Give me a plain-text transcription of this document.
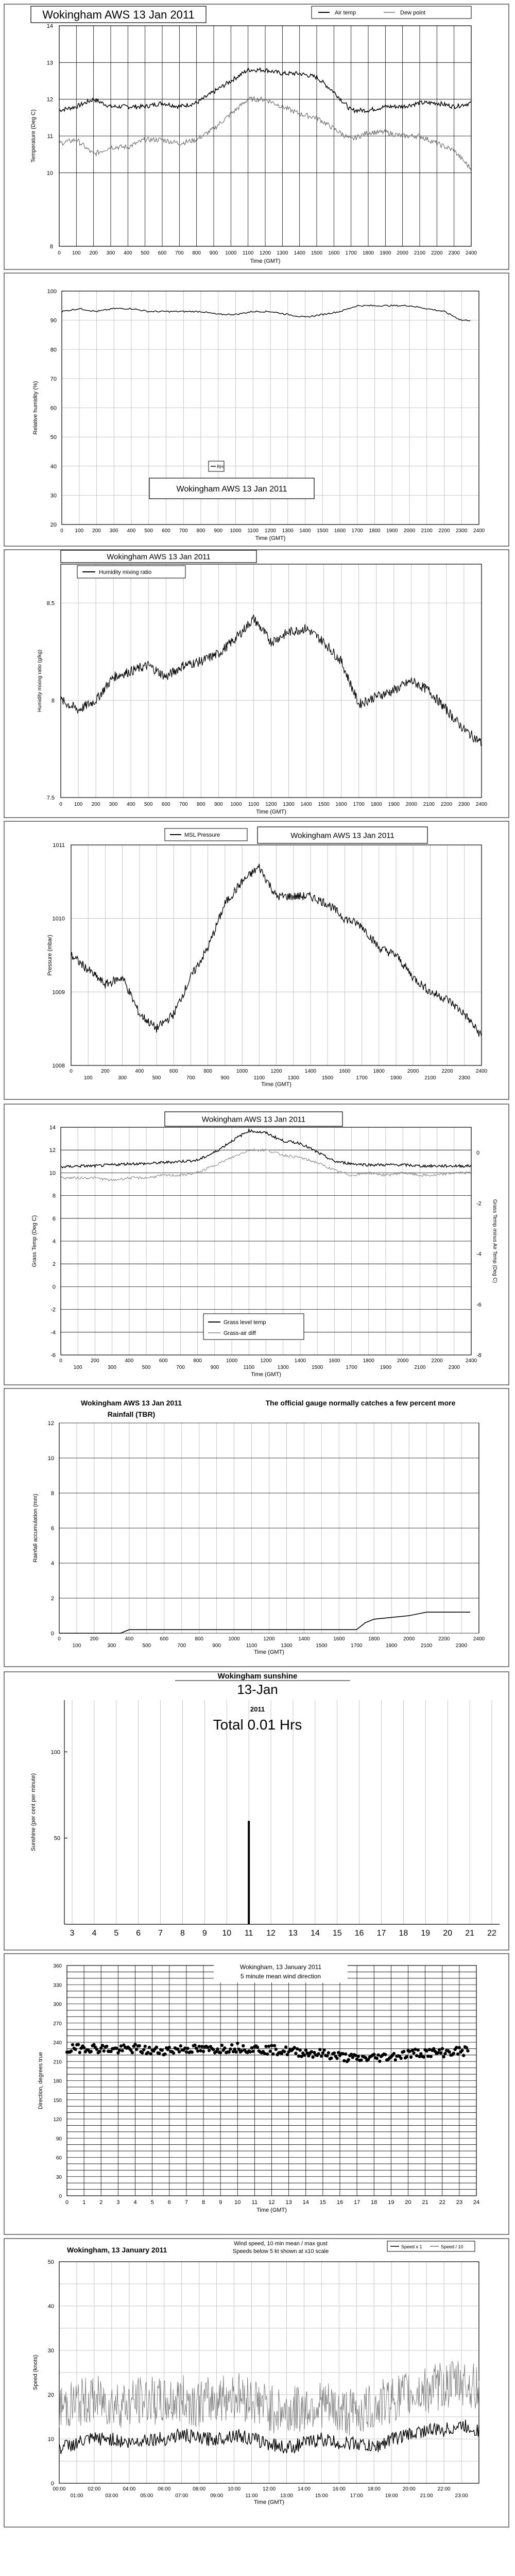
8
10
11
12
13
14
0 100 200 300 400 500 600 700 800 900 1000 1100 1200 1300 1400 1500 1600 1700 1800 1900 2000 2100 2200 2300 2400
Time (GMT)
Temperature (Deg C)
Wokingham AWS 13 Jan 2011	Air temp	Dew point
20
30
40
50
60
70
80
90
100
0 100 200 300 400 500 600 700 800 900 1000 1100 1200 1300 1400 1500 1600 1700 1800 1900 2000 2100 2200 2300 2400
Time (GMT)
Relative humidity (%)
RH
Wokingham AWS 13 Jan 2011
7.5
8
8.5
0 100 200 300 400 500 600 700 800 900 1000 1100 1200 1300 1400 1500 1600 1700 1800 1900 2000 2100 2200 2300 2400
Time (GMT)
Humidity mixing ratio (g/kg)
Wokingham AWS 13 Jan 2011
Humidity mixing ratio
1008
1009
1010
1011
0	200	400	600	800	1000	1200	1400	1600	1800	2000	2200	2400
100	300	500	700	900	1100	1300	1500	1700	1900	2100	2300
Time (GMT)
Pressure (mbar)
MSL Pressure	Wokingham AWS 13 Jan 2011
-6
-4
-2
0
2
4
6
8
10
12
14
-8
-6
-4
-2
0
0	200	400	600	800	1000	1200	1400	1600	1800	2000	2200	2400
100	300	500	700	900	1100	1300	1500	1700	1900	2100	2300
Time (GMT)
Grass Temp (Deg C)	Grass Temp minus Air Temp (Deg C)
Wokingham AWS 13 Jan 2011
Grass level temp
Grass-air diff
0
2
4
6
8
10
12
0	200	400	600	800	1000	1200	1400	1600	1800	2000	2200	2400
100	300	500	700	900	1100	1300	1500	1700	1900	2100	2300
Time (GMT)
Rainfall accumulation (mm)
Wokingham AWS 13 Jan 2011
Rainfall (TBR)
The official gauge normally catches a few percent more
50
100
3 4 5 6 7 8 9 10 11 12 13 14 15 16 17 18 19 20 21 22
Sunshine (per cent per minute)
Wokingham sunshine
13-Jan
2011
Total 0.01 Hrs
0
30
60
90
120
150
180
210
240
270
300
330
360
0 1 2 3 4 5 6 7 8 9 10 11 12 13 14 15 16 17 18 19 20 21 22 23 24
Time (GMT)
Direction, degrees true
Wokingham, 13 January 2011
5 minute mean wind direction
0
10
20
30
40
50
00:00	02:00	04:00	06:00	08:00	10:00	12:00	14:00	16:00	18:00	20:00	22:00
01:00	03:00	05:00	07:00	09:00	11:00	13:00	15:00	17:00	19:00	21:00	23:00
Time (GMT)
Speed (knots)
Wokingham, 13 January 2011
Wind speed, 10 min mean / max gust
Speeds below 5 kt shown at x10 scale
Speed x 1	Speed / 10
